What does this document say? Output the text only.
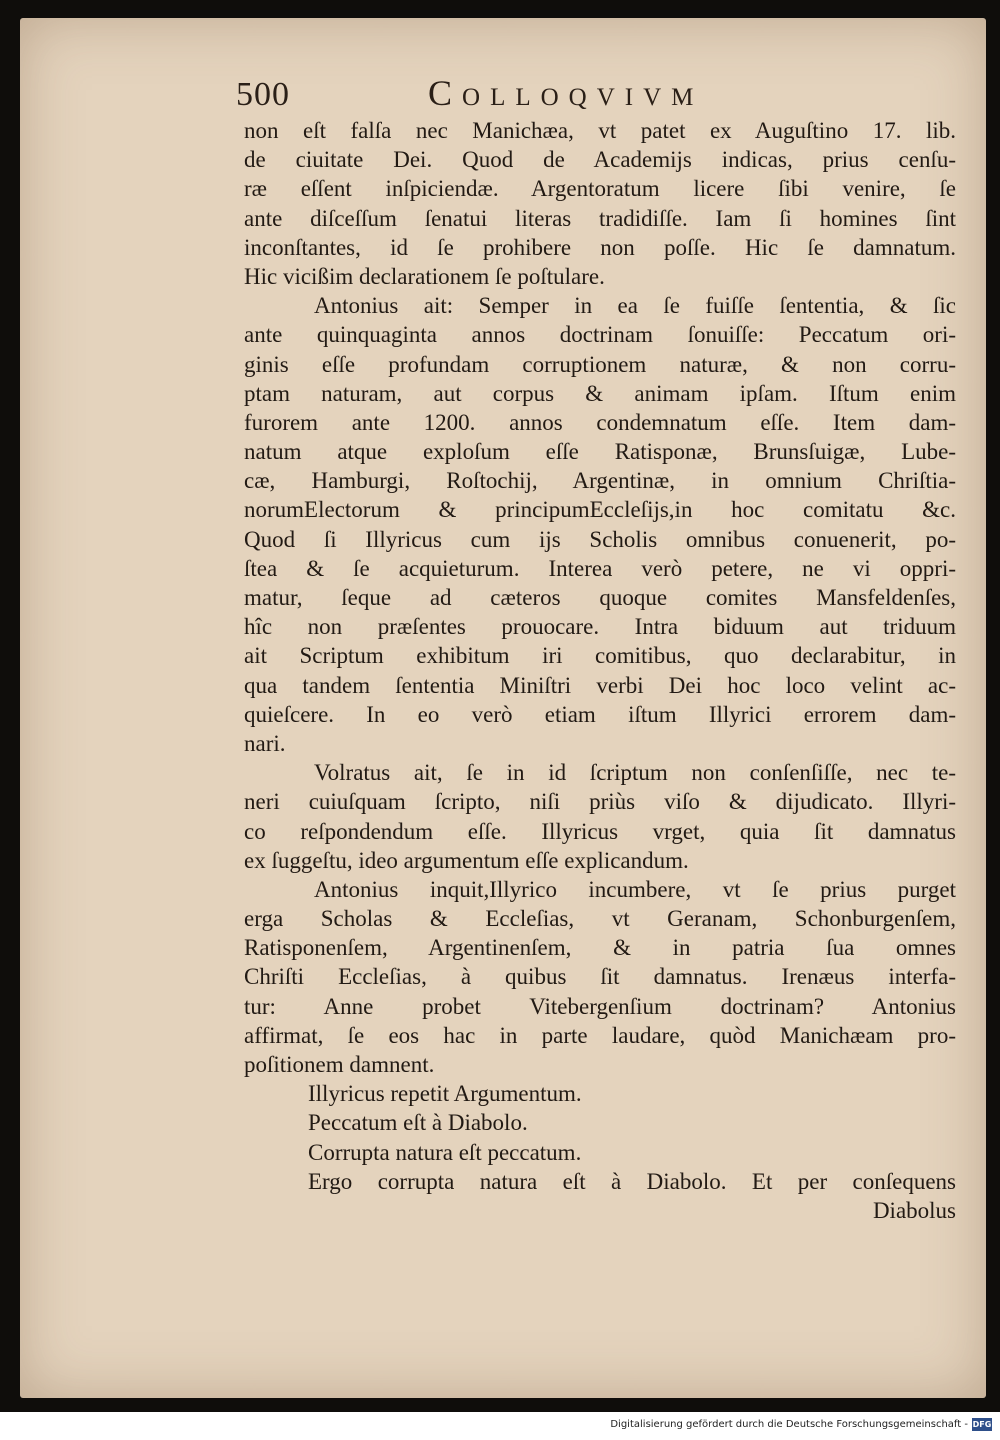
500	Colloqvivm
non eſt falſa nec Manichæa, vt patet ex Auguſtino 17. lib.
de ciuitate Dei. Quod de Academijs indicas, prius cenſu-
ræ eſſent inſpiciendæ. Argentoratum licere ſibi venire, ſe
ante diſceſſum ſenatui literas tradidiſſe. Iam ſi homines ſint
inconſtantes, id ſe prohibere non poſſe. Hic ſe damnatum.
Hic vicißim declarationem ſe poſtulare.
Antonius ait: Semper in ea ſe fuiſſe ſententia, & ſic
ante quinquaginta annos doctrinam ſonuiſſe: Peccatum ori-
ginis eſſe profundam corruptionem naturæ, & non corru-
ptam naturam, aut corpus & animam ipſam. Iſtum enim
furorem ante 1200. annos condemnatum eſſe. Item dam-
natum atque exploſum eſſe Ratisponæ, Brunsſuigæ, Lube-
cæ, Hamburgi, Roſtochij, Argentinæ, in omnium Chriſtia-
norumElectorum & principumEccleſijs,in hoc comitatu &c.
Quod ſi Illyricus cum ijs Scholis omnibus conuenerit, po-
ſtea & ſe acquieturum. Interea verò petere, ne vi oppri-
matur, ſeque ad cæteros quoque comites Mansfeldenſes,
hîc non præſentes prouocare. Intra biduum aut triduum
ait Scriptum exhibitum iri comitibus, quo declarabitur, in
qua tandem ſententia Miniſtri verbi Dei hoc loco velint ac-
quieſcere. In eo verò etiam iſtum Illyrici errorem dam-
nari.
Volratus ait, ſe in id ſcriptum non conſenſiſſe, nec te-
neri cuiuſquam ſcripto, niſi priùs viſo & dijudicato. Illyri-
co reſpondendum eſſe. Illyricus vrget, quia ſit damnatus
ex ſuggeſtu, ideo argumentum eſſe explicandum.
Antonius inquit,Illyrico incumbere, vt ſe prius purget
erga Scholas & Eccleſias, vt Geranam, Schonburgenſem,
Ratisponenſem, Argentinenſem, & in patria ſua omnes
Chriſti Eccleſias, à quibus ſit damnatus. Irenæus interfa-
tur: Anne probet Vitebergenſium doctrinam? Antonius
affirmat, ſe eos hac in parte laudare, quòd Manichæam pro-
poſitionem damnent.
Illyricus repetit Argumentum.
Peccatum eſt à Diabolo.
Corrupta natura eſt peccatum.
Ergo corrupta natura eſt à Diabolo. Et per conſequens
Diabolus
Digitalisierung gefördert durch die Deutsche Forschungsgemeinschaft - DFG
